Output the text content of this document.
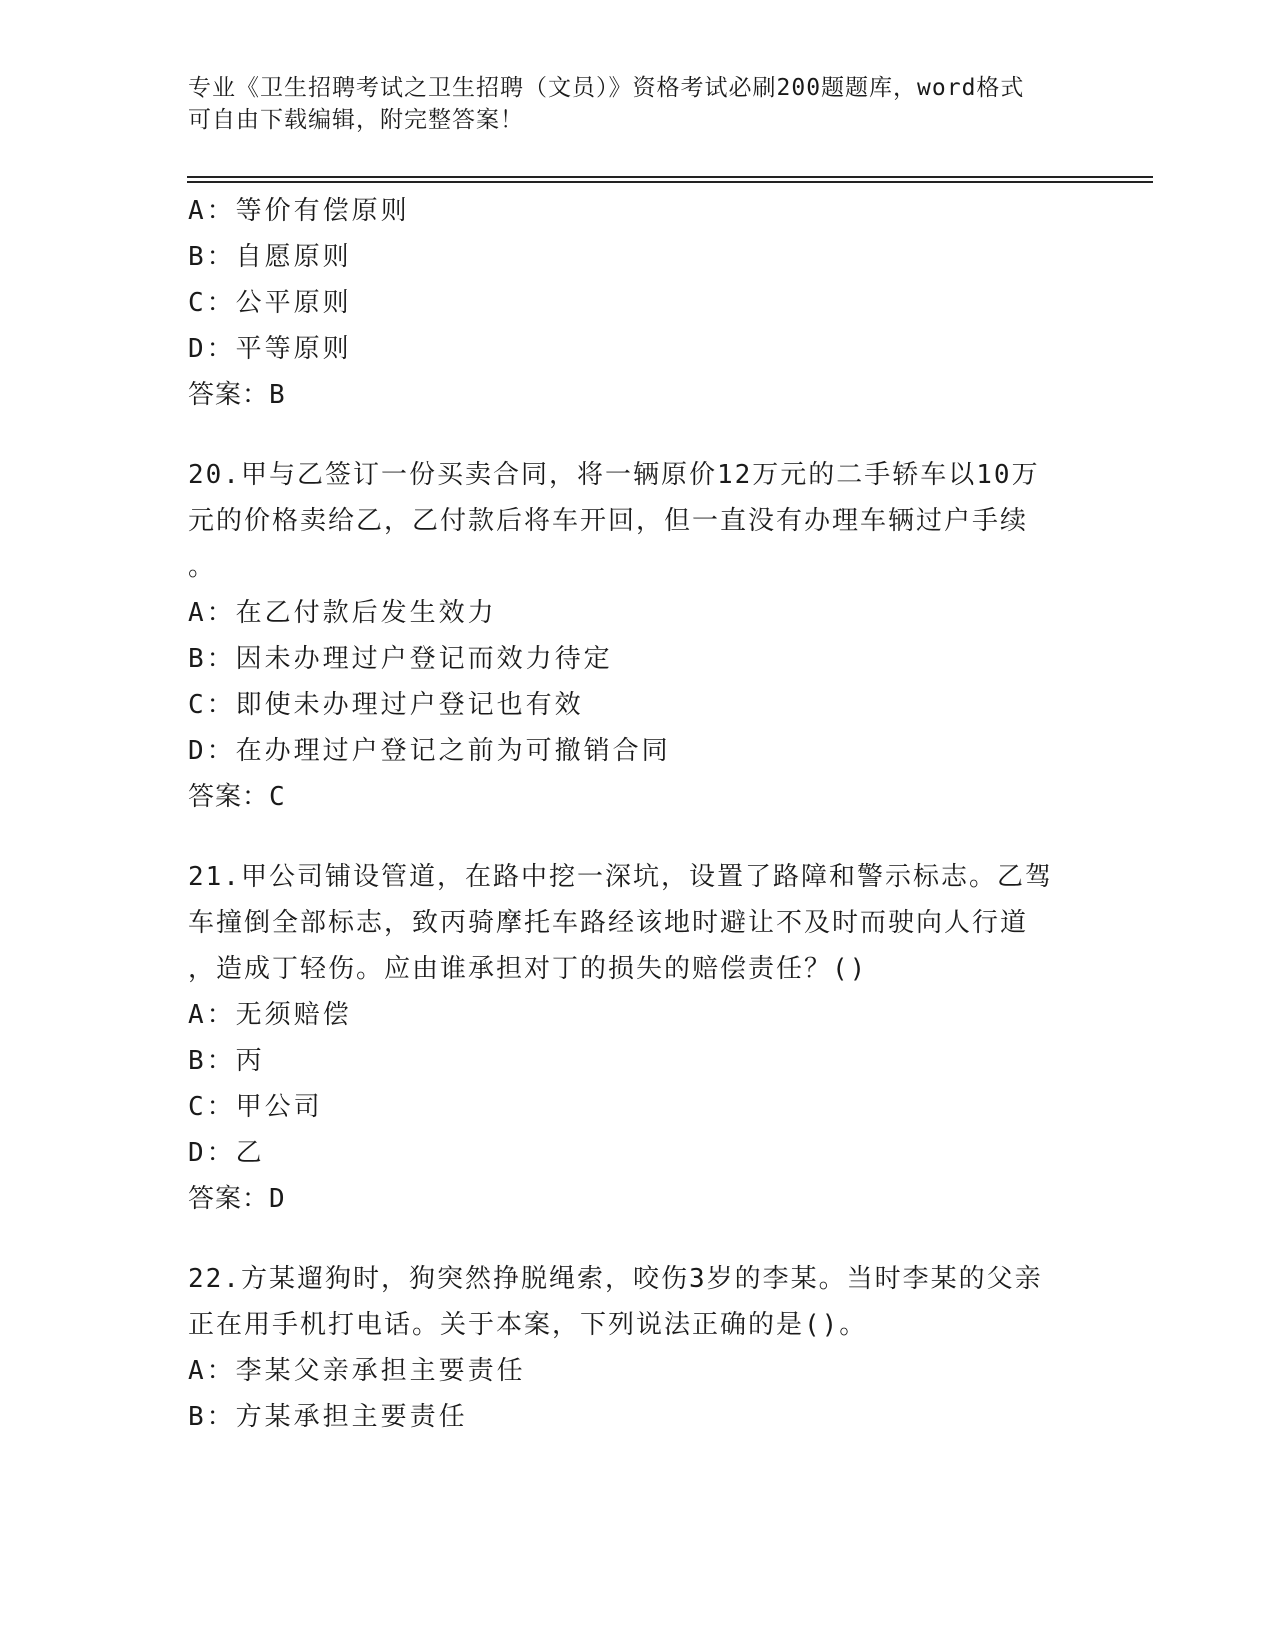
专业《卫生招聘考试之卫生招聘（文员）》资格考试必刷200题题库，word格式
可自由下载编辑，附完整答案！
A：等价有偿原则
B：自愿原则
C：公平原则
D：平等原则
答案：B
20.甲与乙签订一份买卖合同，将一辆原价12万元的二手轿车以10万
元的价格卖给乙，乙付款后将车开回，但一直没有办理车辆过户手续
。
A：在乙付款后发生效力
B：因未办理过户登记而效力待定
C：即使未办理过户登记也有效
D：在办理过户登记之前为可撤销合同
答案：C
21.甲公司铺设管道，在路中挖一深坑，设置了路障和警示标志。乙驾
车撞倒全部标志，致丙骑摩托车路经该地时避让不及时而驶向人行道
，造成丁轻伤。应由谁承担对丁的损失的赔偿责任？()
A：无须赔偿
B：丙
C：甲公司
D：乙
答案：D
22.方某遛狗时，狗突然挣脱绳索，咬伤3岁的李某。当时李某的父亲
正在用手机打电话。关于本案，下列说法正确的是()。
A：李某父亲承担主要责任
B：方某承担主要责任
